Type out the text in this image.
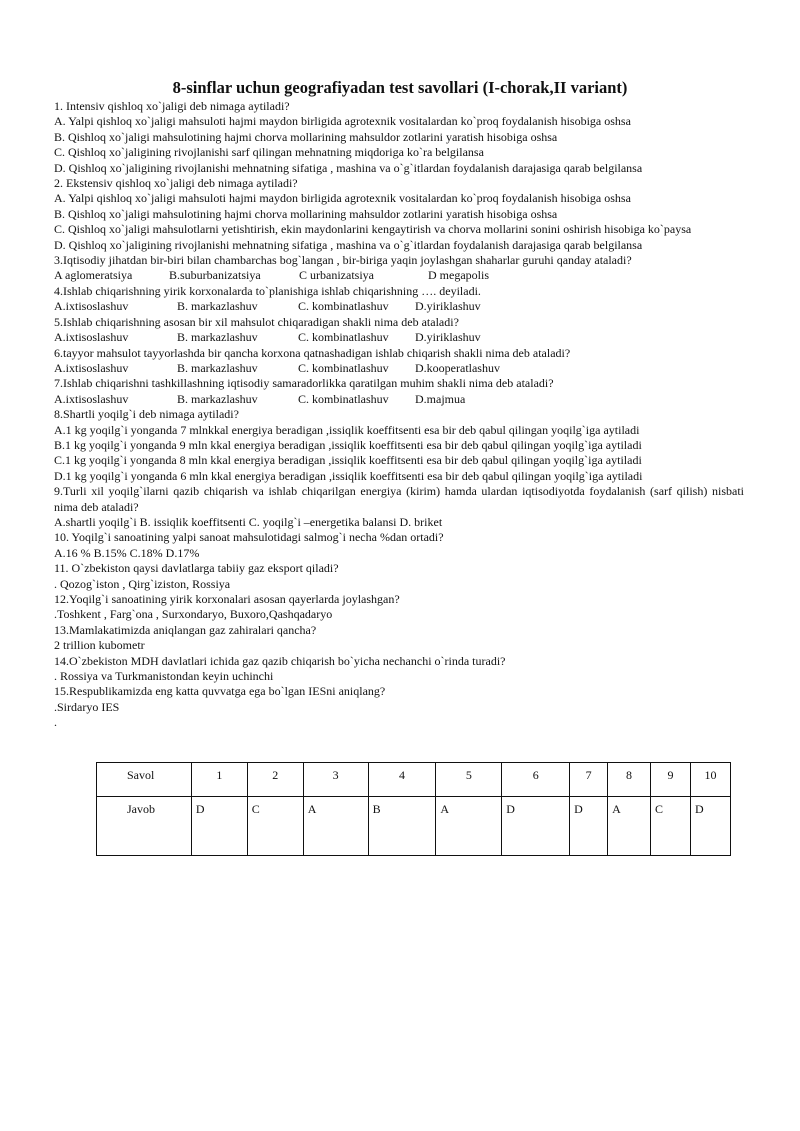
8-sinflar uchun geografiyadan test savollari (I-chorak,II variant)
1. Intensiv qishloq xo`jaligi deb nimaga aytiladi?
A. Yalpi qishloq xo`jaligi mahsuloti hajmi maydon birligida agrotexnik vositalardan ko`proq foydalanish hisobiga oshsa
B. Qishloq xo`jaligi mahsulotining hajmi chorva mollarining mahsuldor zotlarini yaratish hisobiga oshsa
C. Qishloq xo`jaligining rivojlanishi sarf qilingan mehnatning miqdoriga ko`ra belgilansa
D. Qishloq xo`jaligining rivojlanishi mehnatning sifatiga , mashina va o`g`itlardan foydalanish darajasiga qarab belgilansa
2. Ekstensiv qishloq xo`jaligi deb nimaga aytiladi?
A. Yalpi qishloq xo`jaligi mahsuloti hajmi maydon birligida agrotexnik vositalardan ko`proq foydalanish hisobiga oshsa
B. Qishloq xo`jaligi mahsulotining hajmi chorva mollarining mahsuldor zotlarini yaratish hisobiga oshsa
C. Qishloq xo`jaligi mahsulotlarni yetishtirish, ekin maydonlarini kengaytirish va chorva mollarini sonini oshirish hisobiga ko`paysa
D. Qishloq xo`jaligining rivojlanishi mehnatning sifatiga , mashina va o`g`itlardan foydalanish darajasiga qarab belgilansa
3.Iqtisodiy jihatdan bir-biri bilan chambarchas bog`langan , bir-biriga yaqin joylashgan shaharlar guruhi qanday ataladi?
A aglomeratsiya	B.suburbanizatsiya	C urbanizatsiya	D megapolis
4.Ishlab chiqarishning yirik korxonalarda to`planishiga ishlab chiqarishning …. deyiladi.
A.ixtisoslashuv	B. markazlashuv	C. kombinatlashuv	D.yiriklashuv
5.Ishlab chiqarishning asosan bir xil mahsulot chiqaradigan shakli nima deb ataladi?
A.ixtisoslashuv	B. markazlashuv	C. kombinatlashuv	D.yiriklashuv
6.tayyor mahsulot tayyorlashda bir qancha korxona qatnashadigan ishlab chiqarish shakli nima deb ataladi?
A.ixtisoslashuv	B. markazlashuv	C. kombinatlashuv	D.kooperatlashuv
7.Ishlab chiqarishni tashkillashning iqtisodiy samaradorlikka qaratilgan muhim shakli nima deb ataladi?
A.ixtisoslashuv	B. markazlashuv	C. kombinatlashuv	D.majmua
8.Shartli yoqilg`i deb nimaga aytiladi?
A.1 kg yoqilg`i yonganda 7 mlnkkal energiya beradigan ,issiqlik koeffitsenti esa bir deb qabul qilingan yoqilg`iga aytiladi
B.1 kg yoqilg`i yonganda 9 mln kkal energiya beradigan ,issiqlik koeffitsenti esa bir deb qabul qilingan yoqilg`iga aytiladi
C.1 kg yoqilg`i yonganda 8 mln kkal energiya beradigan ,issiqlik koeffitsenti esa bir deb qabul qilingan yoqilg`iga aytiladi
D.1 kg yoqilg`i yonganda 6 mln kkal energiya beradigan ,issiqlik koeffitsenti esa bir deb qabul qilingan yoqilg`iga aytiladi
9.Turli xil yoqilg`ilarni qazib chiqarish va ishlab chiqarilgan energiya (kirim) hamda ulardan iqtisodiyotda foydalanish (sarf qilish) nisbati nima deb ataladi?
A.shartli yoqilg`i B. issiqlik koeffitsenti C. yoqilg`i –energetika balansi D. briket
10. Yoqilg`i sanoatining yalpi sanoat mahsulotidagi salmog`i necha %dan ortadi?
A.16 % B.15% C.18% D.17%
11. O`zbekiston qaysi davlatlarga tabiiy gaz eksport qiladi?
. Qozog`iston , Qirg`iziston, Rossiya
12.Yoqilg`i sanoatining yirik korxonalari asosan qayerlarda joylashgan?
.Toshkent , Farg`ona , Surxondaryo, Buxoro,Qashqadaryo
13.Mamlakatimizda aniqlangan gaz zahiralari qancha?
2 trillion kubometr
14.O`zbekiston MDH davlatlari ichida gaz qazib chiqarish bo`yicha nechanchi o`rinda turadi?
. Rossiya va Turkmanistondan keyin uchinchi
15.Respublikamizda eng katta quvvatga ega bo`lgan IESni aniqlang?
.Sirdaryo IES
.
Savol	1	2	3	4	5	6	7	8	9	10
Javob	D	C	A	B	A	D	D	A	C	D
